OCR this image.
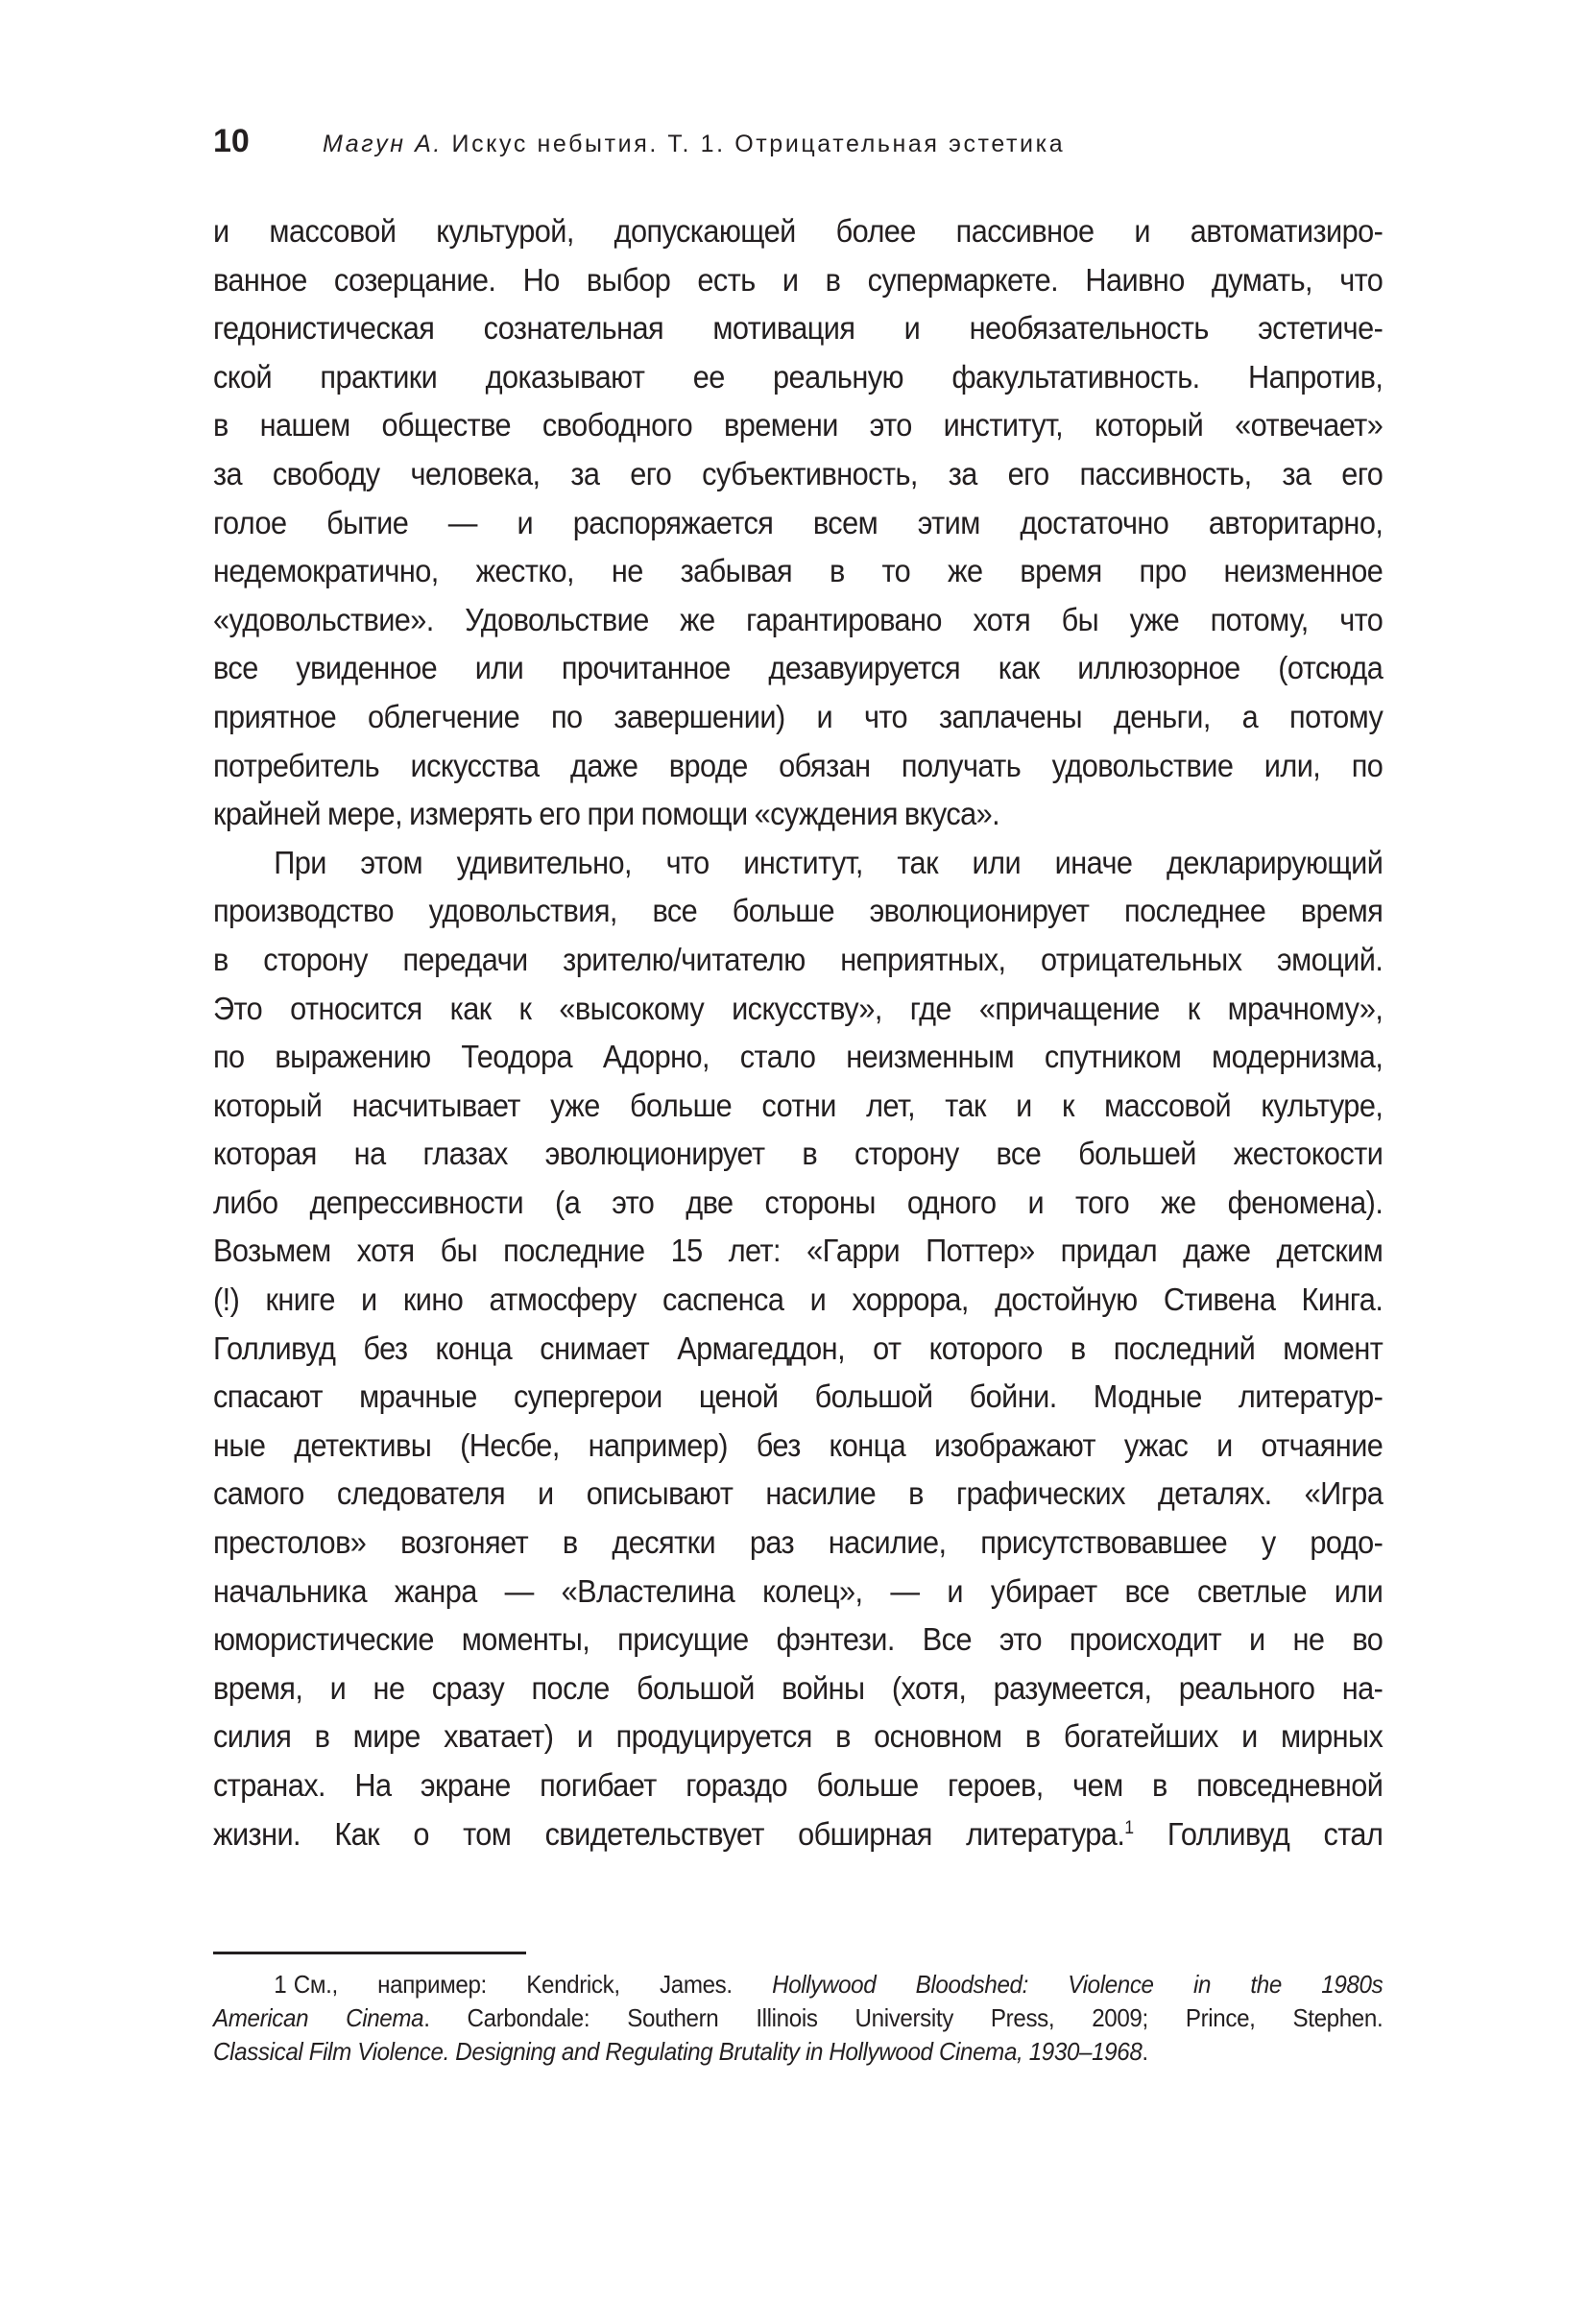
10	Магун А. Искус небытия. Т. 1. Отрицательная эстетика
и массовой культурой, допускающей более пассивное и автоматизиро-
ванное созерцание. Но выбор есть и в супермаркете. Наивно думать, что
гедонистическая сознательная мотивация и необязательность эстетиче-
ской практики доказывают ее реальную факультативность. Напротив,
в нашем обществе свободного времени это институт, который «отвечает»
за свободу человека, за его субъективность, за его пассивность, за его
голое бытие — и распоряжается всем этим достаточно авторитарно,
недемократично, жестко, не забывая в то же время про неизменное
«удовольствие». Удовольствие же гарантировано хотя бы уже потому, что
все увиденное или прочитанное дезавуируется как иллюзорное (отсюда
приятное облегчение по завершении) и что заплачены деньги, а потому
потребитель искусства даже вроде обязан получать удовольствие или, по
крайней мере, измерять его при помощи «суждения вкуса».
При этом удивительно, что институт, так или иначе декларирующий
производство удовольствия, все больше эволюционирует последнее время
в сторону передачи зрителю/читателю неприятных, отрицательных эмоций.
Это относится как к «высокому искусству», где «причащение к мрачному»,
по выражению Теодора Адорно, стало неизменным спутником модернизма,
который насчитывает уже больше сотни лет, так и к массовой культуре,
которая на глазах эволюционирует в сторону все большей жестокости
либо депрессивности (а это две стороны одного и того же феномена).
Возьмем хотя бы последние 15 лет: «Гарри Поттер» придал даже детским
(!) книге и кино атмосферу саспенса и хоррора, достойную Стивена Кинга.
Голливуд без конца снимает Армагеддон, от которого в последний момент
спасают мрачные супергерои ценой большой бойни. Модные литератур-
ные детективы (Несбе, например) без конца изображают ужас и отчаяние
самого следователя и описывают насилие в графических деталях. «Игра
престолов» возгоняет в десятки раз насилие, присутствовавшее у родо-
начальника жанра — «Властелина колец», — и убирает все светлые или
юмористические моменты, присущие фэнтези. Все это происходит и не во
время, и не сразу после большой войны (хотя, разумеется, реального на-
силия в мире хватает) и продуцируется в основном в богатейших и мирных
странах. На экране погибает гораздо больше героев, чем в повседневной
жизни. Как о том свидетельствует обширная литература.$^1$ Голливуд стал
1 См., например: Kendrick, James. Hollywood Bloodshed: Violence in the 1980s
American Cinema. Carbondale: Southern Illinois University Press, 2009; Prince, Stephen.
Classical Film Violence. Designing and Regulating Brutality in Hollywood Cinema, 1930–1968.
